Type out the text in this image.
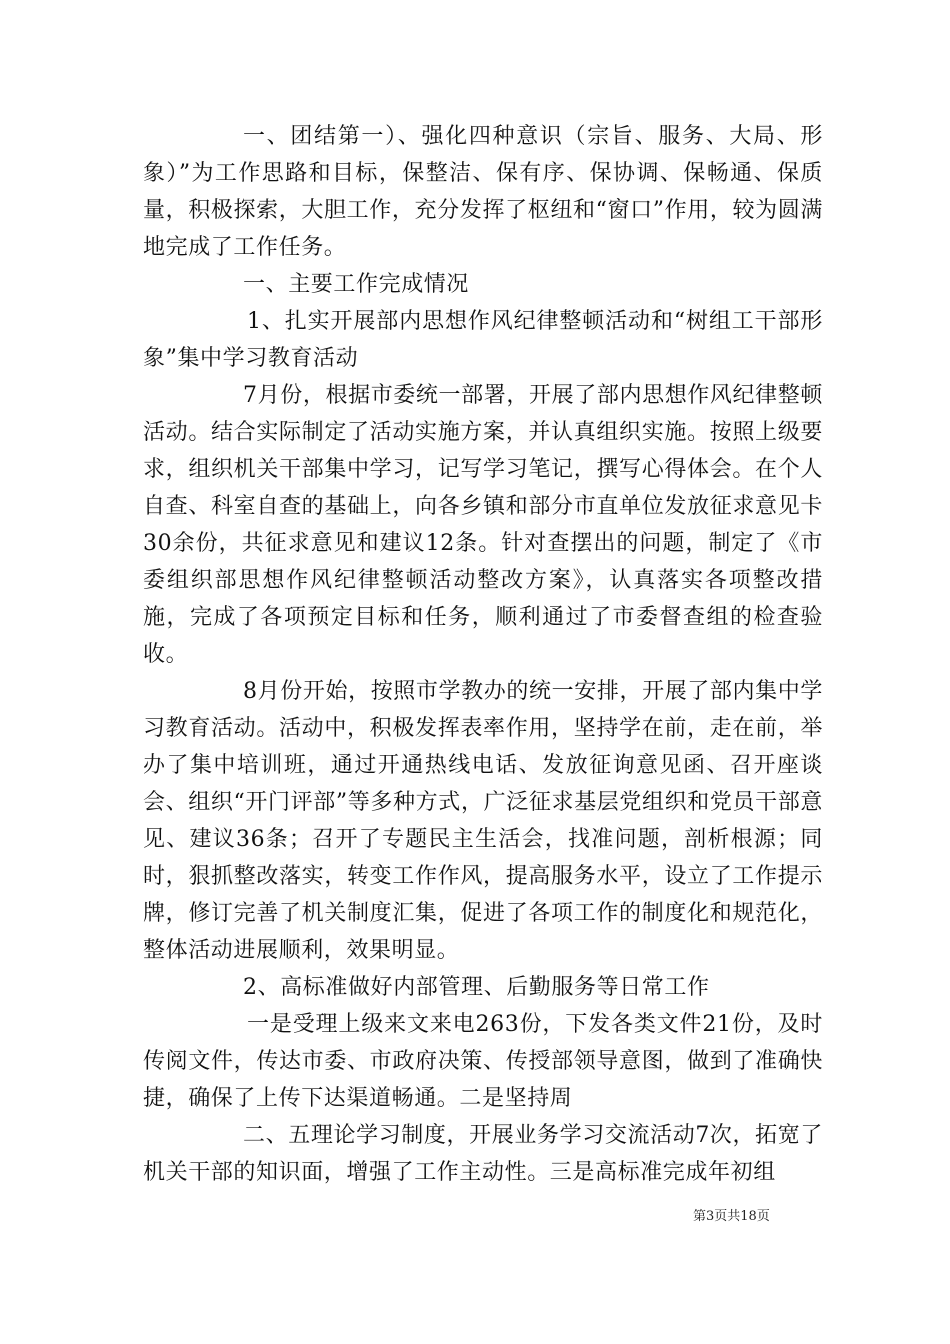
一、团结第一）、强化四种意识（宗旨、服务、大局、形象）”为工作思路和目标，保整洁、保有序、保协调、保畅通、保质量，积极探索，大胆工作，充分发挥了枢纽和“窗口”作用，较为圆满地完成了工作任务。

一、主要工作完成情况

1、扎实开展部内思想作风纪律整顿活动和“树组工干部形象”集中学习教育活动

7月份，根据市委统一部署，开展了部内思想作风纪律整顿活动。结合实际制定了活动实施方案，并认真组织实施。按照上级要求，组织机关干部集中学习，记写学习笔记，撰写心得体会。在个人自查、科室自查的基础上，向各乡镇和部分市直单位发放征求意见卡30余份，共征求意见和建议12条。针对查摆出的问题，制定了《市委组织部思想作风纪律整顿活动整改方案》，认真落实各项整改措施，完成了各项预定目标和任务，顺利通过了市委督查组的检查验收。

8月份开始，按照市学教办的统一安排，开展了部内集中学习教育活动。活动中，积极发挥表率作用，坚持学在前，走在前，举办了集中培训班，通过开通热线电话、发放征询意见函、召开座谈会、组织“开门评部”等多种方式，广泛征求基层党组织和党员干部意见、建议36条；召开了专题民主生活会，找准问题，剖析根源；同时，狠抓整改落实，转变工作作风，提高服务水平，设立了工作提示牌，修订完善了机关制度汇集，促进了各项工作的制度化和规范化，整体活动进展顺利，效果明显。

2、高标准做好内部管理、后勤服务等日常工作

一是受理上级来文来电263份，下发各类文件21份，及时传阅文件，传达市委、市政府决策、传授部领导意图，做到了准确快捷，确保了上传下达渠道畅通。二是坚持周

二、五理论学习制度，开展业务学习交流活动7次，拓宽了机关干部的知识面，增强了工作主动性。三是高标准完成年初组

第3页共18页
